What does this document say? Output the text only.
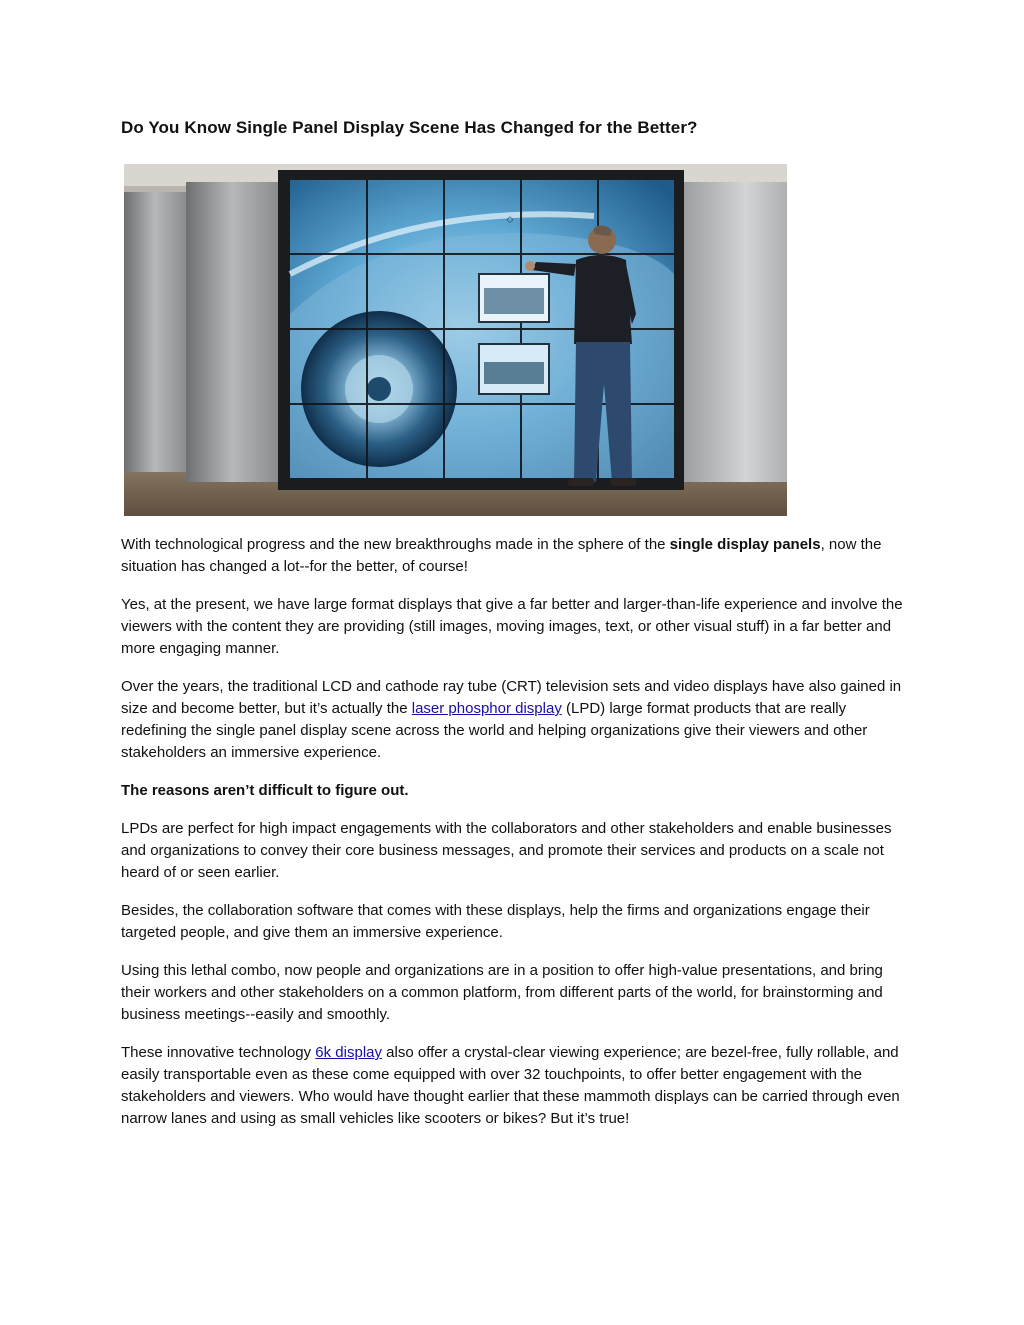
Do You Know Single Panel Display Scene Has Changed for the Better?
◇

With technological progress and the new breakthroughs made in the sphere of the single display panels, now the situation has changed a lot--for the better, of course!

Yes, at the present, we have large format displays that give a far better and larger-than-life experience and involve the viewers with the content they are providing (still images, moving images, text, or other visual stuff) in a far better and more engaging manner.

Over the years, the traditional LCD and cathode ray tube (CRT) television sets and video displays have also gained in size and become better, but it’s actually the laser phosphor display (LPD) large format products that are really redefining the single panel display scene across the world and helping organizations give their viewers and other stakeholders an immersive experience.

The reasons aren’t difficult to figure out.

LPDs are perfect for high impact engagements with the collaborators and other stakeholders and enable businesses and organizations to convey their core business messages, and promote their services and products on a scale not heard of or seen earlier.

Besides, the collaboration software that comes with these displays, help the firms and organizations engage their targeted people, and give them an immersive experience.

Using this lethal combo, now people and organizations are in a position to offer high-value presentations, and bring their workers and other stakeholders on a common platform, from different parts of the world, for brainstorming and business meetings--easily and smoothly.

These innovative technology 6k display also offer a crystal-clear viewing experience; are bezel-free, fully rollable, and easily transportable even as these come equipped with over 32 touchpoints, to offer better engagement with the stakeholders and viewers. Who would have thought earlier that these mammoth displays can be carried through even narrow lanes and using as small vehicles like scooters or bikes? But it’s true!
